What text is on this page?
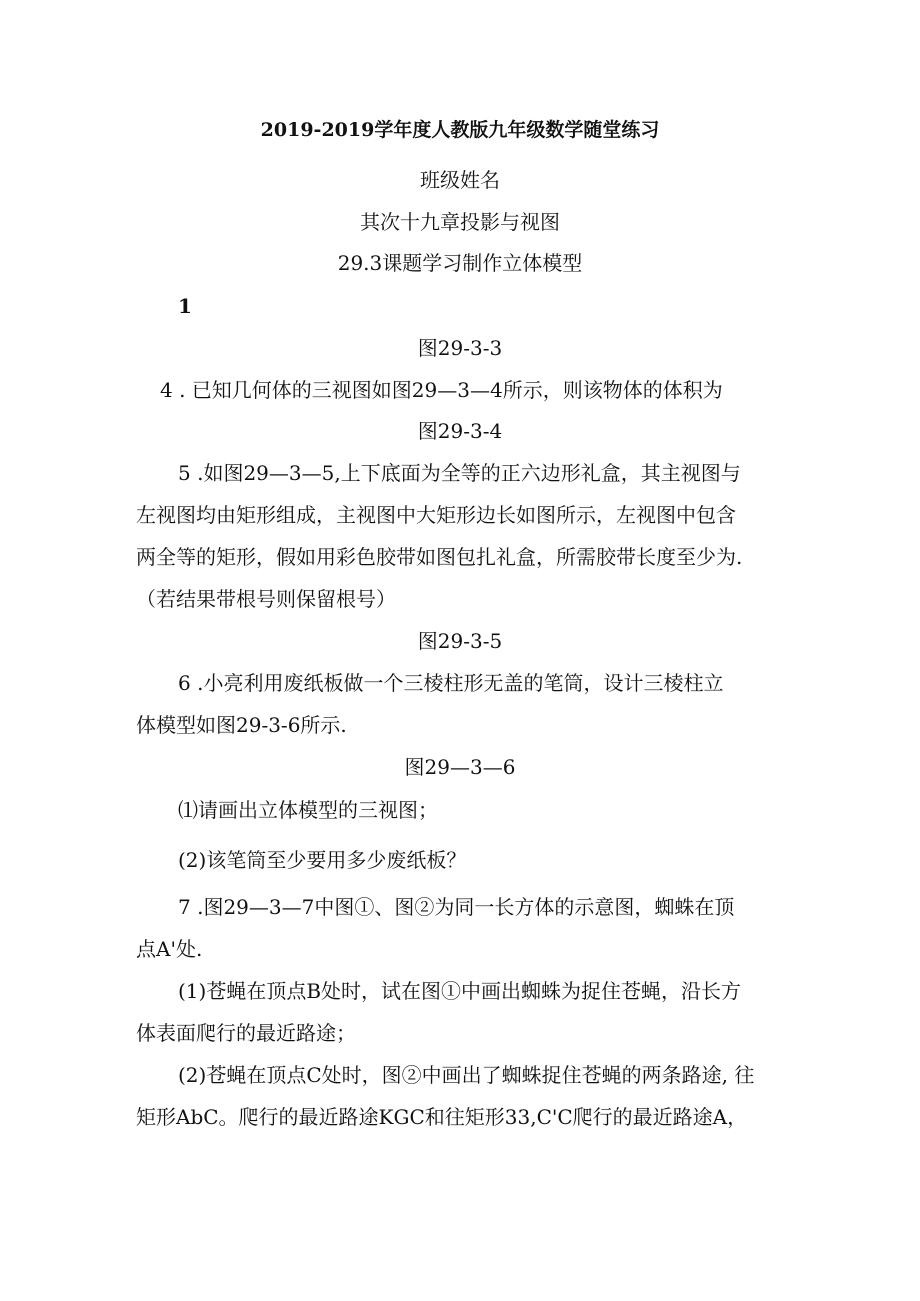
2019-2019学年度人教版九年级数学随堂练习
班级姓名
其次十九章投影与视图
29.3课题学习制作立体模型
1
图29-3-3
4 . 已知几何体的三视图如图29—3—4所示，则该物体的体积为
图29-3-4
5 .如图29—3—5,上下底面为全等的正六边形礼盒，其主视图与
左视图均由矩形组成，主视图中大矩形边长如图所示，左视图中包含
两全等的矩形，假如用彩色胶带如图包扎礼盒，所需胶带长度至少为.
（若结果带根号则保留根号）
图29-3-5
6 .小亮利用废纸板做一个三棱柱形无盖的笔筒，设计三棱柱立
体模型如图29-3-6所示.
图29—3—6
⑴请画出立体模型的三视图；
(2)该笔筒至少要用多少废纸板？
7 .图29—3—7中图①、图②为同一长方体的示意图，蜘蛛在顶
点A'处.
(1)苍蝇在顶点B处时，试在图①中画出蜘蛛为捉住苍蝇，沿长方
体表面爬行的最近路途；
(2)苍蝇在顶点C处时，图②中画出了蜘蛛捉住苍蝇的两条路途, 往
矩形AbC。爬行的最近路途KGC和往矩形33,C'C爬行的最近路途A，
